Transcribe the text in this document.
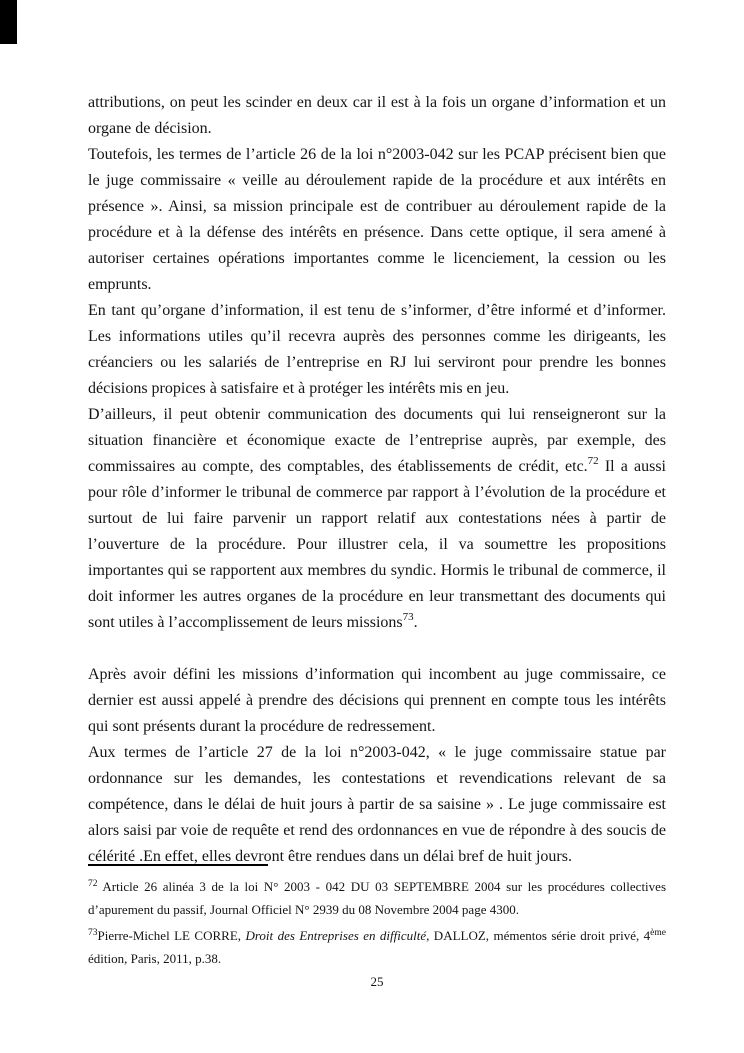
attributions, on peut les scinder en deux car il est à la fois un organe d’information et un organe de décision.

Toutefois, les termes de l’article 26 de la loi n°2003-042 sur les PCAP précisent bien que le juge commissaire « veille au déroulement rapide de la procédure et aux intérêts en présence ». Ainsi, sa mission principale est de contribuer au déroulement rapide de la procédure et à la défense des intérêts en présence. Dans cette optique, il sera amené à autoriser certaines opérations importantes comme le licenciement, la cession ou les emprunts.

En tant qu’organe d’information, il est tenu de s’informer, d’être informé et d’informer. Les informations utiles qu’il recevra auprès des personnes comme les dirigeants, les créanciers ou les salariés de l’entreprise en RJ lui serviront pour prendre les bonnes décisions propices à satisfaire et à protéger les intérêts mis en jeu.

D’ailleurs, il peut obtenir communication des documents qui lui renseigneront sur la situation financière et économique exacte de l’entreprise auprès, par exemple, des commissaires au compte, des comptables, des établissements de crédit, etc.$^{72}$ Il a aussi pour rôle d’informer le tribunal de commerce par rapport à l’évolution de la procédure et surtout de lui faire parvenir un rapport relatif aux contestations nées à partir de l’ouverture de la procédure. Pour illustrer cela, il va soumettre les propositions importantes qui se rapportent aux membres du syndic. Hormis le tribunal de commerce, il doit informer les autres organes de la procédure en leur transmettant des documents qui sont utiles à l’accomplissement de leurs missions$^{73}$.

Après avoir défini les missions d’information qui incombent au juge commissaire, ce dernier est aussi appelé à prendre des décisions qui prennent en compte tous les intérêts qui sont présents durant la procédure de redressement.

Aux termes de l’article 27 de la loi n°2003-042, « le juge commissaire statue par ordonnance sur les demandes, les contestations et revendications relevant de sa compétence, dans le délai de huit jours à partir de sa saisine » . Le juge commissaire est alors saisi par voie de requête et rend des ordonnances en vue de répondre à des soucis de célérité .En effet, elles devront être rendues dans un délai bref de huit jours.

$^{72}$ Article 26 alinéa 3 de la loi N° 2003 - 042 DU 03 SEPTEMBRE 2004 sur les procédures collectives d’apurement du passif, Journal Officiel N° 2939 du 08 Novembre 2004 page 4300.

$^{73}$Pierre-Michel LE CORRE, Droit des Entreprises en difficulté, DALLOZ, mémentos série droit privé, 4ème édition, Paris, 2011, p.38.

25
